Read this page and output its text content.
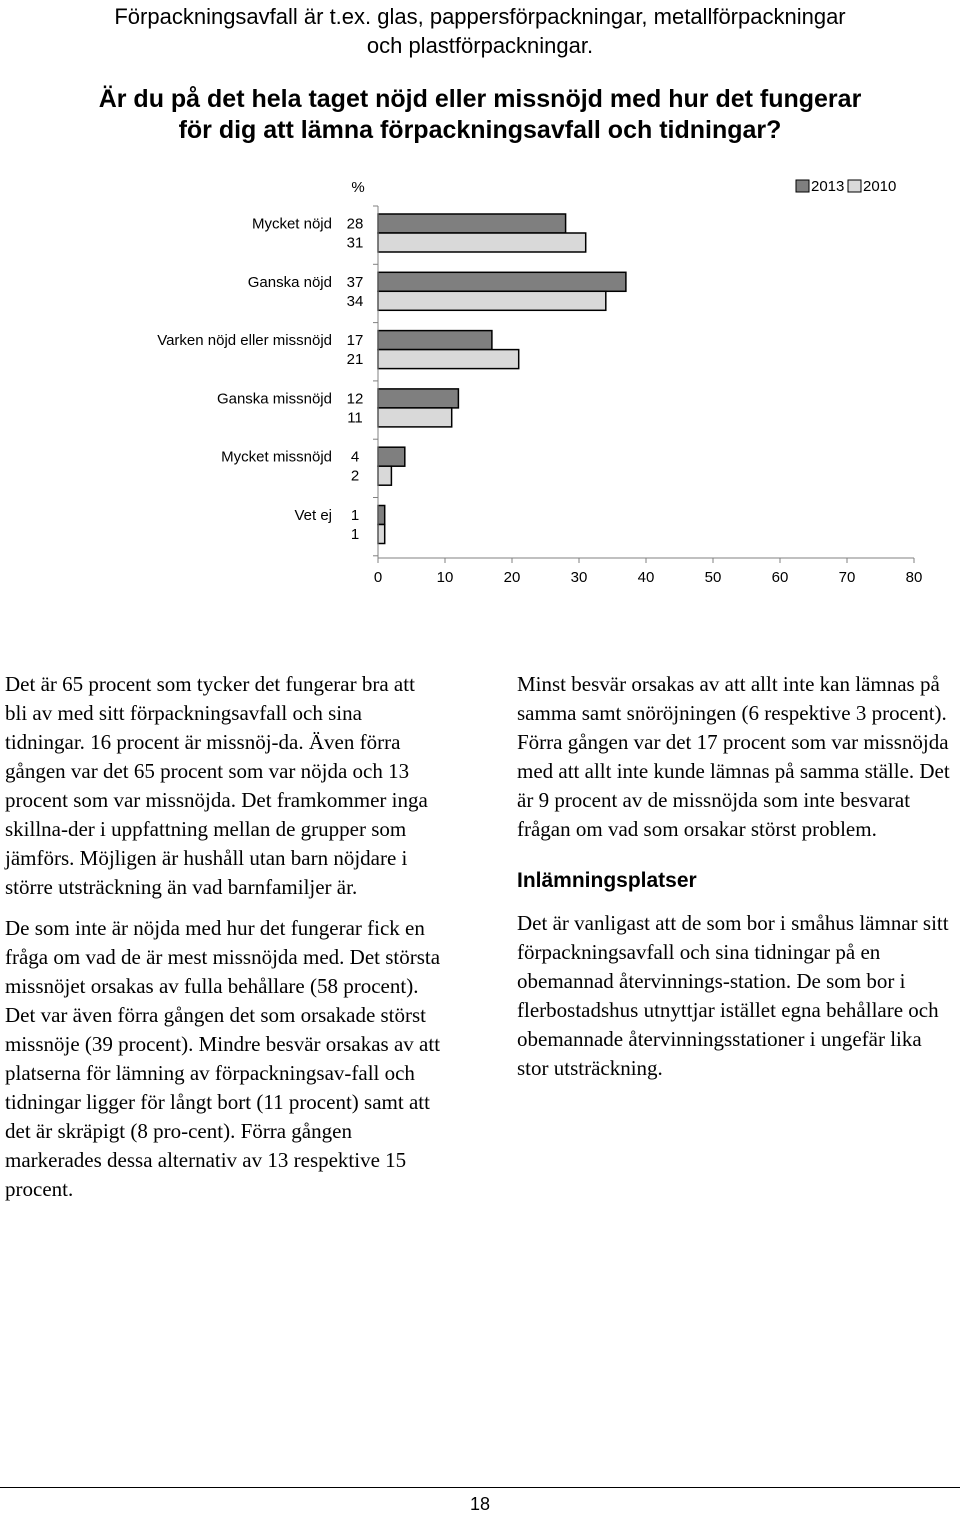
Förpackningsavfall är t.ex. glas, pappersförpackningar, metallförpackningar
och plastförpackningar.
Är du på det hela taget nöjd eller missnöjd med hur det fungerar
för dig att lämna förpackningsavfall och tidningar?
%	2013 2010
Mycket nöjd 28
31
Ganska nöjd 37
34
Varken nöjd eller missnöjd 17
21
Ganska missnöjd 12
11
Mycket missnöjd 4
2
Vet ej 1
1
0	10	20	30	40	50	60	70	80

Det är 65 procent som tycker det fungerar bra att bli av med sitt förpackningsavfall och sina tidningar. 16 procent är missnöj-da. Även förra gången var det 65 procent som var nöjda och 13 procent som var missnöjda. Det framkommer inga skillna-der i uppfattning mellan de grupper som jämförs. Möjligen är hushåll utan barn nöjdare i större utsträckning än vad barnfamiljer är.

De som inte är nöjda med hur det fungerar fick en fråga om vad de är mest missnöjda med. Det största missnöjet orsakas av fulla behållare (58 procent). Det var även förra gången det som orsakade störst missnöje (39 procent). Mindre besvär orsakas av att platserna för lämning av förpackningsav-fall och tidningar ligger för långt bort (11 procent) samt att det är skräpigt (8 pro-cent). Förra gången markerades dessa alternativ av 13 respektive 15 procent.

Minst besvär orsakas av att allt inte kan lämnas på samma samt snöröjningen (6 respektive 3 procent). Förra gången var det 17 procent som var missnöjda med att allt inte kunde lämnas på samma ställe. Det är 9 procent av de missnöjda som inte besvarat frågan om vad som orsakar störst problem.

Inlämningsplatser

Det är vanligast att de som bor i småhus lämnar sitt förpackningsavfall och sina tidningar på en obemannad återvinnings-station. De som bor i flerbostadshus utnyttjar istället egna behållare och obemannade återvinningsstationer i ungefär lika stor utsträckning.

18
